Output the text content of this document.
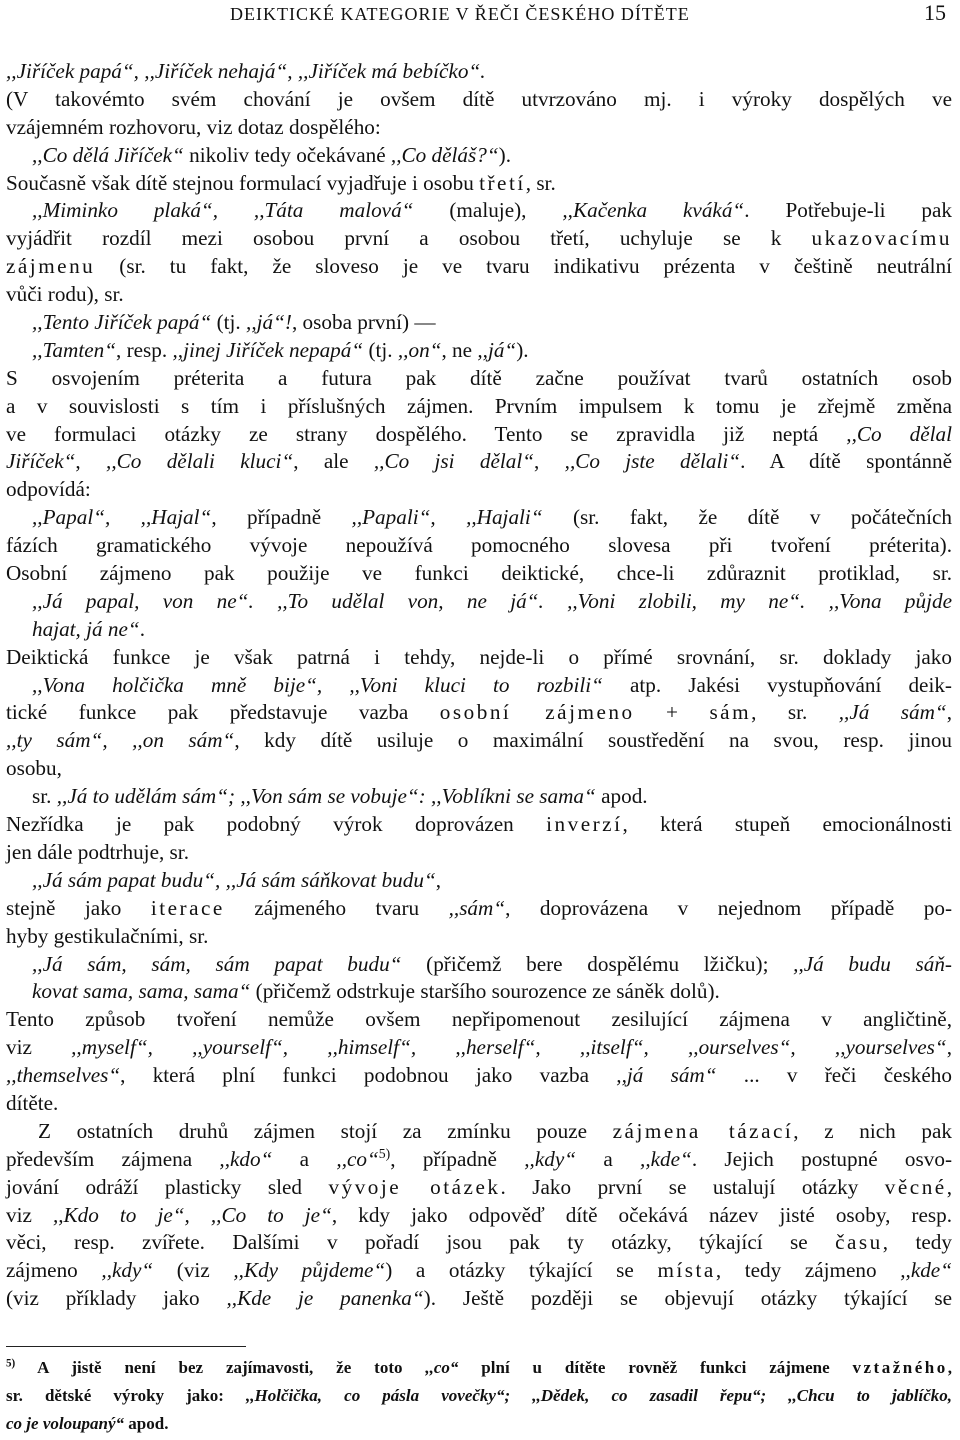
DEIKTICKÉ KATEGORIE V ŘEČI ČESKÉHO DÍTĚTE	15
,,Jiříček papá“, ,,Jiříček nehajá“, ,,Jiříček má bebíčko“.
(V takovémto svém chování je ovšem dítě utvrzováno mj. i výroky dospělých ve
vzájemném rozhovoru, viz dotaz dospělého:
,,Co dělá Jiříček“ nikoliv tedy očekávané ,,Co děláš?“).
Současně však dítě stejnou formulací vyjadřuje i osobu třetí, sr.
,,Miminko plaká“, ,,Táta malová“ (maluje), ,,Kačenka kváká“. Potřebuje-li pak
vyjádřit rozdíl mezi osobou první a osobou třetí, uchyluje se k ukazovacímu
zájmenu (sr. tu fakt, že sloveso je ve tvaru indikativu prézenta v češtině neutrální
vůči rodu), sr.
,,Tento Jiříček papá“ (tj. ,,já“!, osoba první) —
,,Tamten“, resp. ,,jinej Jiříček nepapá“ (tj. ,,on“, ne ,,já“).
S osvojením préterita a futura pak dítě začne používat tvarů ostatních osob
a v souvislosti s tím i příslušných zájmen. Prvním impulsem k tomu je zřejmě změna
ve formulaci otázky ze strany dospělého. Tento se zpravidla již neptá ,,Co dělal
Jiříček“, ,,Co dělali kluci“, ale ,,Co jsi dělal“, ,,Co jste dělali“. A dítě spontánně
odpovídá:
,,Papal“, ,,Hajal“, případně ,,Papali“, ,,Hajali“ (sr. fakt, že dítě v počátečních
fázích gramatického vývoje nepoužívá pomocného slovesa při tvoření préterita).
Osobní zájmeno pak použije ve funkci deiktické, chce-li zdůraznit protiklad, sr.
,,Já papal, von ne“. ,,To udělal von, ne já“. ,,Voni zlobili, my ne“. ,,Vona půjde
hajat, já ne“.
Deiktická funkce je však patrná i tehdy, nejde-li o přímé srovnání, sr. doklady jako
,,Vona holčička mně bije“, ,,Voni kluci to rozbili“ atp. Jakési vystupňování deik-
tické funkce pak představuje vazba osobní zájmeno + sám, sr. ,,Já sám“,
,,ty sám“, ,,on sám“, kdy dítě usiluje o maximální soustředění na svou, resp. jinou
osobu,
sr. ,,Já to udělám sám“; ,,Von sám se vobuje“: ,,Voblíkni se sama“ apod.
Nezřídka je pak podobný výrok doprovázen inverzí, která stupeň emocionálnosti
jen dále podtrhuje, sr.
,,Já sám papat budu“, ,,Já sám sáňkovat budu“,
stejně jako iterace zájmeného tvaru ,,sám“, doprovázena v nejednom případě po-
hyby gestikulačními, sr.
,,Já sám, sám, sám papat budu“ (přičemž bere dospělému lžičku); ,,Já budu sáň-
kovat sama, sama, sama“ (přičemž odstrkuje staršího sourozence ze sáněk dolů).
Tento způsob tvoření nemůže ovšem nepřipomenout zesilující zájmena v angličtině,
viz ,,myself“, ,,yourself“, ,,himself“, ,,herself“, ,,itself“, ,,ourselves“, ,,yourselves“,
,,themselves“, která plní funkci podobnou jako vazba ,,já sám“ ... v řeči českého
dítěte.
Z ostatních druhů zájmen stojí za zmínku pouze zájmena tázací, z nich pak
především zájmena ,,kdo“ a ,,co“$^{5)}$, případně ,,kdy“ a ,,kde“. Jejich postupné osvo-
jování odráží plasticky sled vývoje otázek. Jako první se ustalují otázky věcné,
viz ,,Kdo to je“, ,,Co to je“, kdy jako odpověď dítě očekává název jisté osoby, resp.
věci, resp. zvířete. Dalšími v pořadí jsou pak ty otázky, týkající se času, tedy
zájmeno ,,kdy“ (viz ,,Kdy půjdeme“) a otázky týkající se místa, tedy zájmeno ,,kde“
(viz příklady jako ,,Kde je panenka“). Ještě později se objevují otázky týkající se
$^{5)}$ A jistě není bez zajímavosti, že toto ,,co“ plní u dítěte rovněž funkci zájmene vztažného,
sr. dětské výroky jako: ,,Holčička, co pásla vovečky“; ,,Dědek, co zasadil řepu“; ,,Chcu to jablíčko,
co je voloupaný“ apod.
